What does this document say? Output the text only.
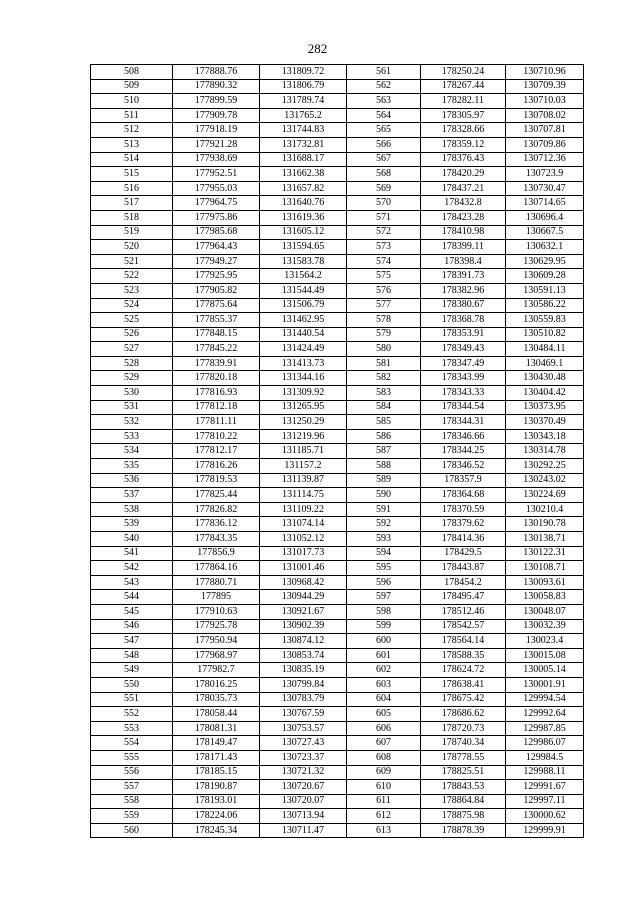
282
508	177888.76	131809.72	561	178250.24	130710.96
509	177890.32	131806.79	562	178267.44	130709.39
510	177899.59	131789.74	563	178282.11	130710.03
511	177909.78	131765.2	564	178305.97	130708.02
512	177918.19	131744.83	565	178328.66	130707.81
513	177921.28	131732.81	566	178359.12	130709.86
514	177938.69	131688.17	567	178376.43	130712.36
515	177952.51	131662.38	568	178420.29	130723.9
516	177955.03	131657.82	569	178437.21	130730.47
517	177964.75	131640.76	570	178432.8	130714.65
518	177975.86	131619.36	571	178423.28	130696.4
519	177985.68	131605.12	572	178410.98	130667.5
520	177964.43	131594.65	573	178399.11	130632.1
521	177949.27	131583.78	574	178398.4	130629.95
522	177925.95	131564.2	575	178391.73	130609.28
523	177905.82	131544.49	576	178382.96	130591.13
524	177875.64	131506.79	577	178380.67	130586.22
525	177855.37	131462.95	578	178368.78	130559.83
526	177848.15	131440.54	579	178353.91	130510.82
527	177845.22	131424.49	580	178349.43	130484.11
528	177839.91	131413.73	581	178347.49	130469.1
529	177820.18	131344.16	582	178343.99	130430.48
530	177816.93	131309.92	583	178343.33	130404.42
531	177812.18	131265.95	584	178344.54	130373.95
532	177811.11	131250.29	585	178344.31	130370.49
533	177810.22	131219.96	586	178346.66	130343.18
534	177812.17	131185.71	587	178344.25	130314.78
535	177816.26	131157.2	588	178346.52	130292.25
536	177819.53	131139.87	589	178357.9	130243.02
537	177825.44	131114.75	590	178364.68	130224.69
538	177826.82	131109.22	591	178370.59	130210.4
539	177836.12	131074.14	592	178379.62	130190.78
540	177843.35	131052.12	593	178414.36	130138.71
541	177856.9	131017.73	594	178429.5	130122.31
542	177864.16	131001.46	595	178443.87	130108.71
543	177880.71	130968.42	596	178454.2	130093.61
544	177895	130944.29	597	178495.47	130058.83
545	177910.63	130921.67	598	178512.46	130048.07
546	177925.78	130902.39	599	178542.57	130032.39
547	177950.94	130874.12	600	178564.14	130023.4
548	177968.97	130853.74	601	178588.35	130015.08
549	177982.7	130835.19	602	178624.72	130005.14
550	178016.25	130799.84	603	178638.41	130001.91
551	178035.73	130783.79	604	178675.42	129994.54
552	178058.44	130767.59	605	178686.62	129992.64
553	178081.31	130753.57	606	178720.73	129987.85
554	178149.47	130727.43	607	178740.34	129986.07
555	178171.43	130723.37	608	178778.55	129984.5
556	178185.15	130721.32	609	178825.51	129988.11
557	178190.87	130720.67	610	178843.53	129991.67
558	178193.01	130720.07	611	178864.84	129997.11
559	178224.06	130713.94	612	178875.98	130000.62
560	178245.34	130711.47	613	178878.39	129999.91
